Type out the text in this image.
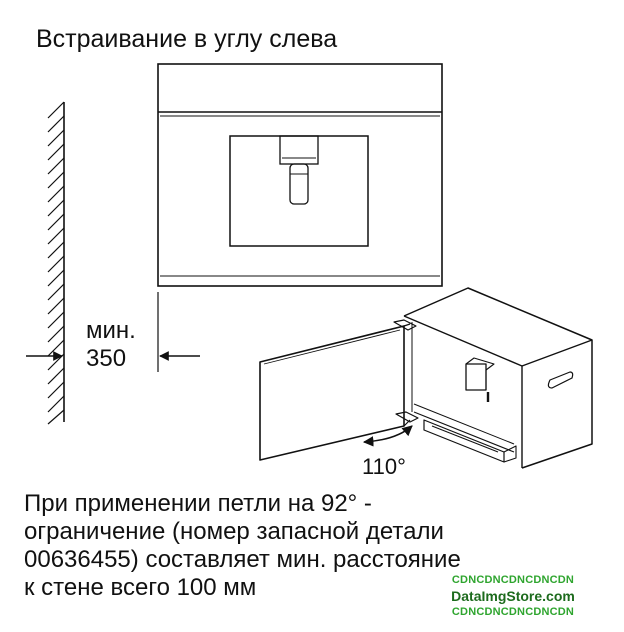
Встраивание в углу слева
мин.
350
110°
При применении петли на 92° -
ограничение (номер запасной детали
00636455) составляет мин. расстояние
к стене всего 100 мм	CDNCDNCDNCDNCDN
DataImgStore.com
CDNCDNCDNCDNCDN
